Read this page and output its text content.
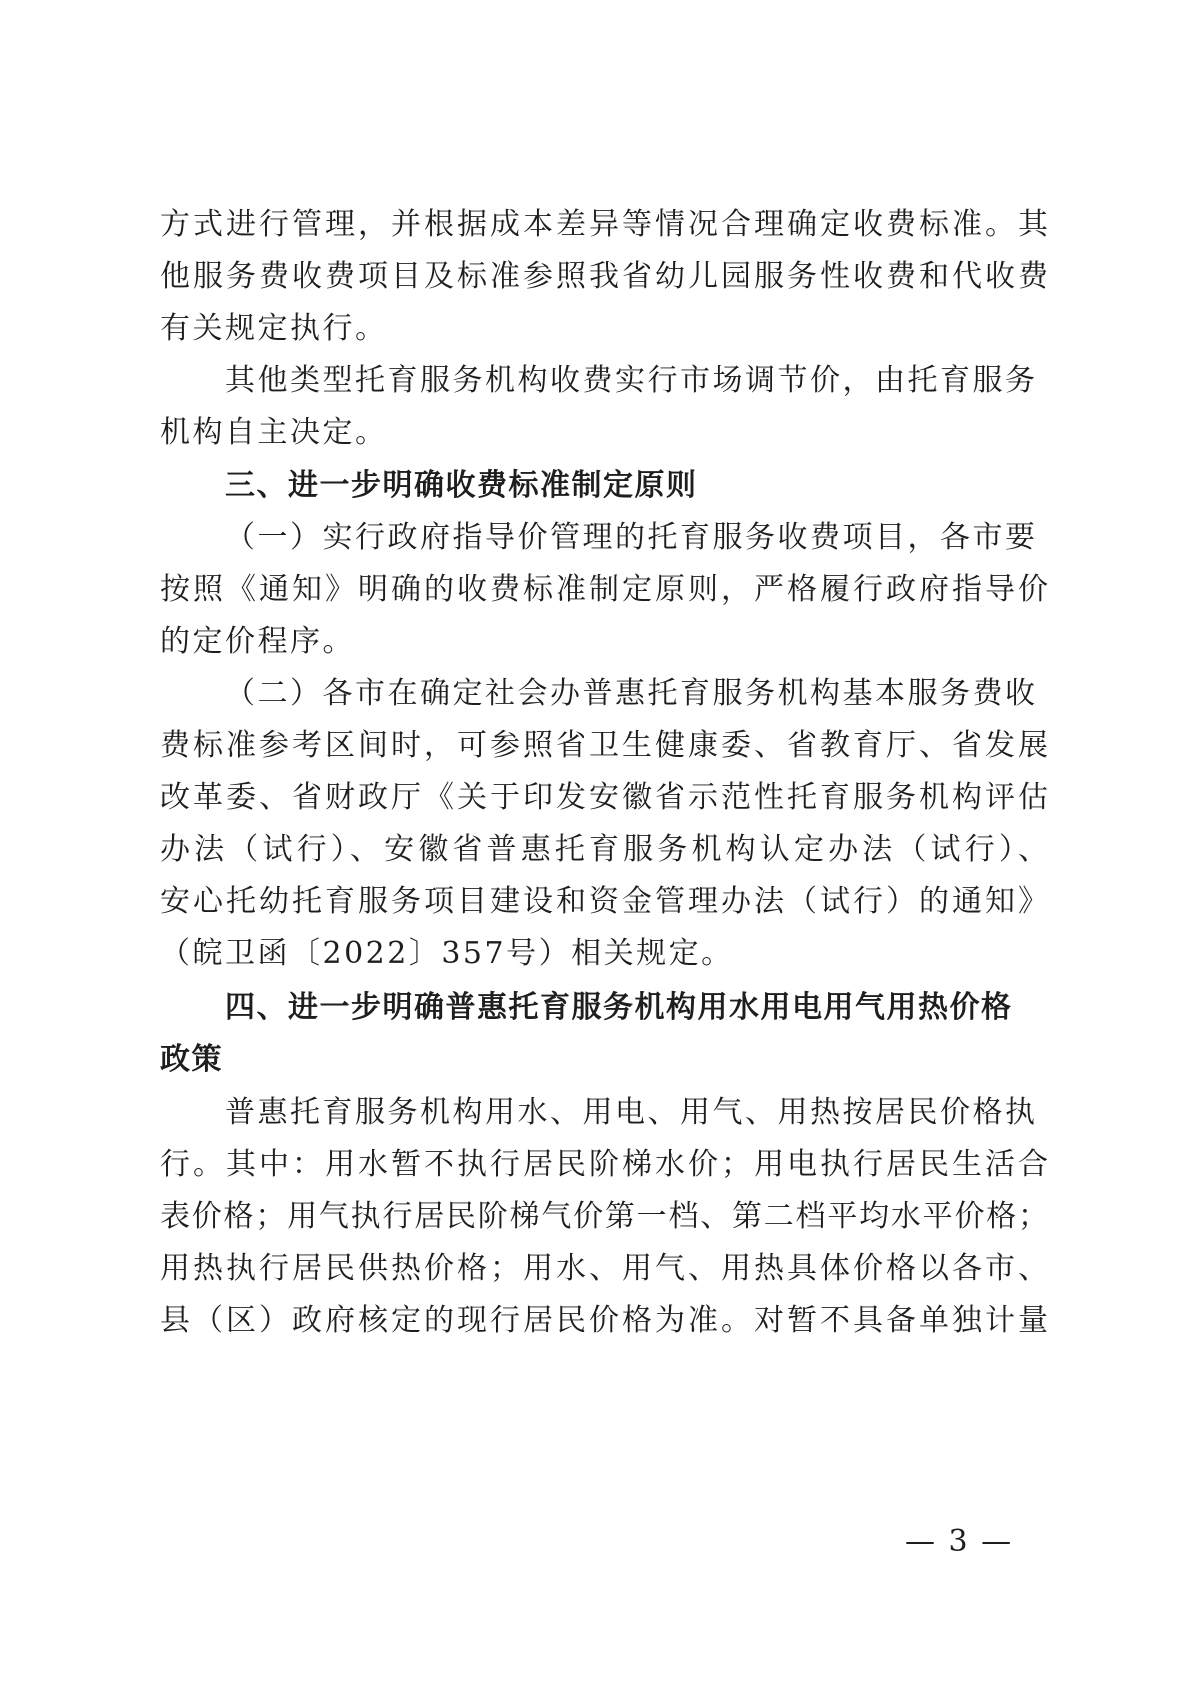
方式进行管理，并根据成本差异等情况合理确定收费标准。其
他服务费收费项目及标准参照我省幼儿园服务性收费和代收费
有关规定执行。
其他类型托育服务机构收费实行市场调节价，由托育服务
机构自主决定。
三、进一步明确收费标准制定原则
（一）实行政府指导价管理的托育服务收费项目，各市要
按照《通知》明确的收费标准制定原则，严格履行政府指导价
的定价程序。
（二）各市在确定社会办普惠托育服务机构基本服务费收
费标准参考区间时，可参照省卫生健康委、省教育厅、省发展
改革委、省财政厅《关于印发安徽省示范性托育服务机构评估
办法（试行）、安徽省普惠托育服务机构认定办法（试行）、
安心托幼托育服务项目建设和资金管理办法（试行）的通知》
（皖卫函〔2022〕357号）相关规定。
四、进一步明确普惠托育服务机构用水用电用气用热价格
政策
普惠托育服务机构用水、用电、用气、用热按居民价格执
行。其中：用水暂不执行居民阶梯水价；用电执行居民生活合
表价格；用气执行居民阶梯气价第一档、第二档平均水平价格；
用热执行居民供热价格；用水、用气、用热具体价格以各市、
县（区）政府核定的现行居民价格为准。对暂不具备单独计量
— 3 —
